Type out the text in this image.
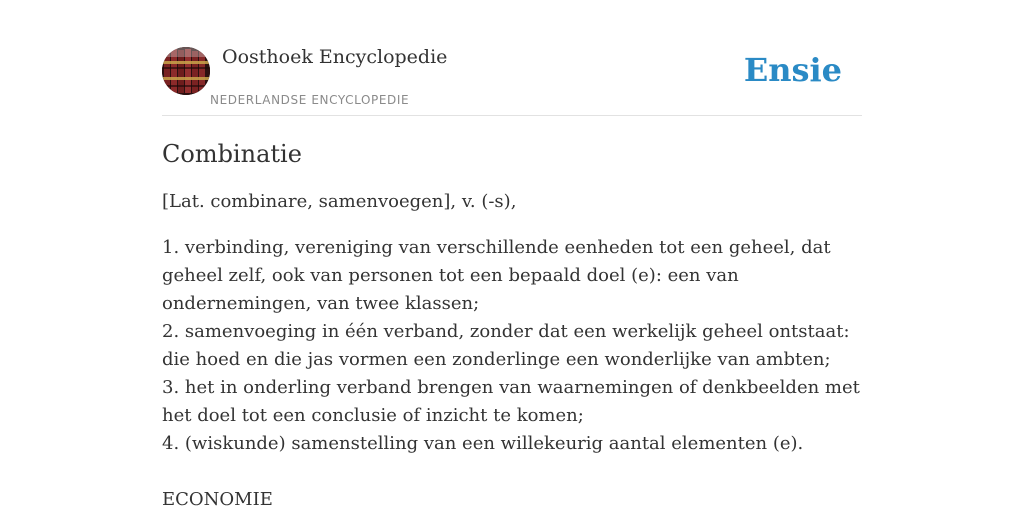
Oosthoek Encyclopedie
NEDERLANDSE ENCYCLOPEDIE
Ensie
Combinatie

[Lat. combinare, samenvoegen], v. (-s),

1. verbinding, vereniging van verschillende eenheden tot een geheel, dat geheel zelf, ook van personen tot een bepaald doel (e): een van ondernemingen, van twee klassen;
2. samenvoeging in één verband, zonder dat een werkelijk geheel ontstaat: die hoed en die jas vormen een zonderlinge een wonderlijke van ambten;
3. het in onderling verband brengen van waarnemingen of denkbeelden met het doel tot een conclusie of inzicht te komen;
4. (wiskunde) samenstelling van een willekeurig aantal elementen (e).

ECONOMIE
